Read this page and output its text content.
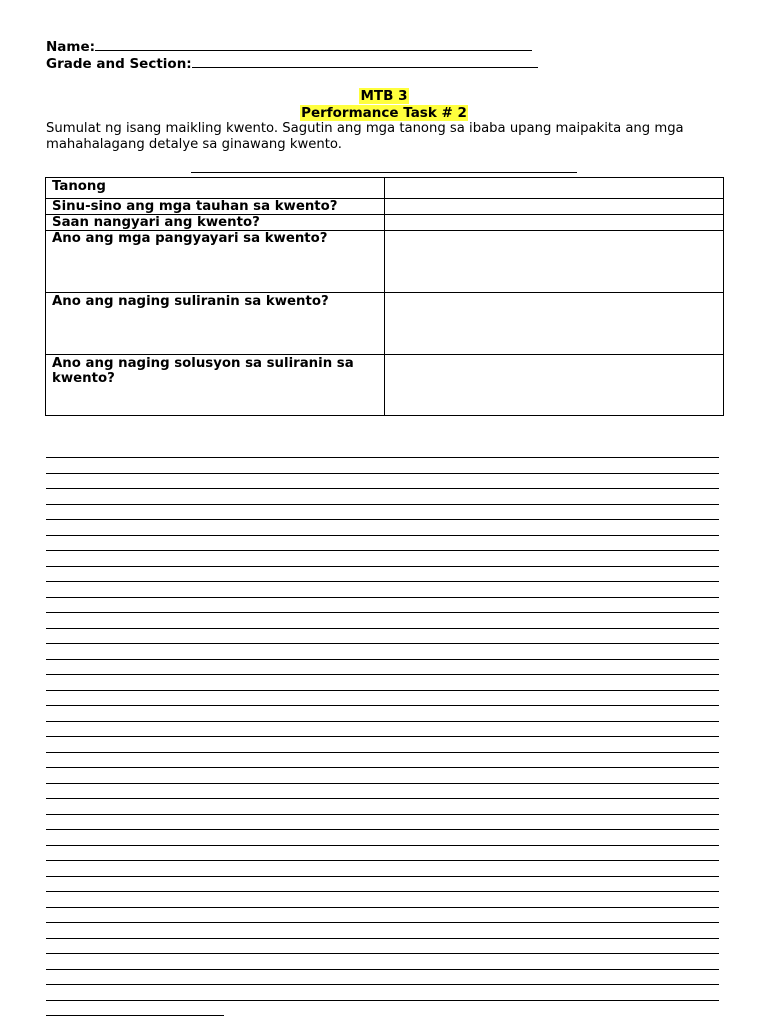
Name:
Grade and Section:
MTB 3
Performance Task # 2
Sumulat ng isang maikling kwento. Sagutin ang mga tanong sa ibaba upang maipakita ang mga mahahalagang detalye sa ginawang kwento.
Tanong	
Sinu-sino ang mga tauhan sa kwento?	
Saan nangyari ang kwento?	
Ano ang mga pangyayari sa kwento?	
Ano ang naging suliranin sa kwento?	
Ano ang naging solusyon sa suliranin sa kwento?	
